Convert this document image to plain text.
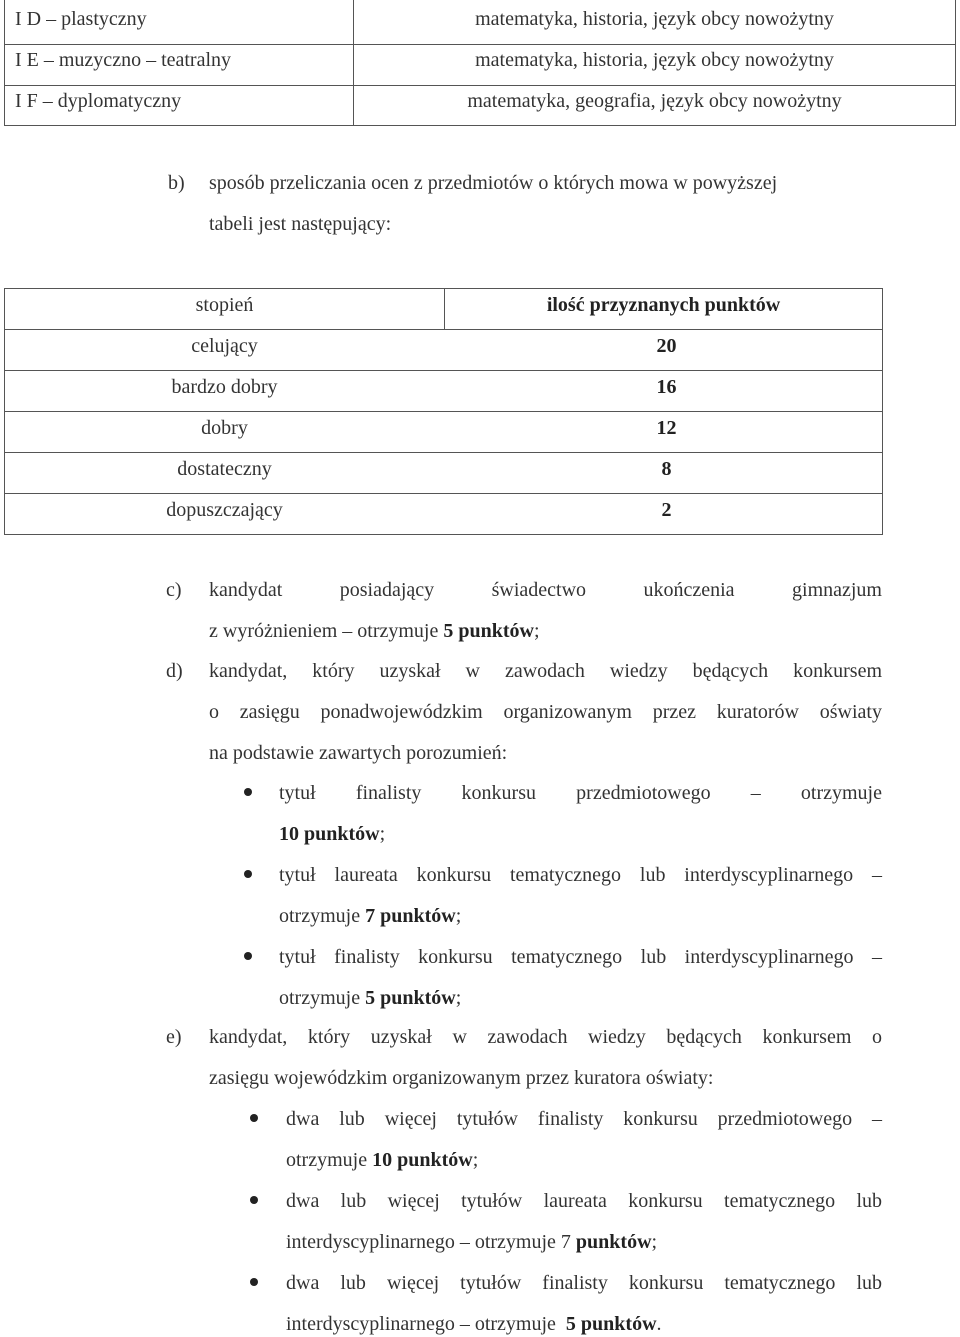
I D – plastyczny	matematyka, historia, język obcy nowożytny
I E – muzyczno – teatralny	matematyka, historia, język obcy nowożytny
I F – dyplomatyczny	matematyka, geografia, język obcy nowożytny
b) sposób przeliczania ocen z przedmiotów o których mowa w powyższej
tabeli jest następujący:
stopień	ilość przyznanych punktów
celujący	20
bardzo dobry	16
dobry	12
dostateczny	8
dopuszczający	2
c) kandydat posiadający świadectwo ukończenia gimnazjum
z wyróżnieniem – otrzymuje 5 punktów;
d) kandydat, który uzyskał w zawodach wiedzy będących konkursem
o zasięgu ponadwojewódzkim organizowanym przez kuratorów oświaty
na podstawie zawartych porozumień:
tytuł finalisty konkursu przedmiotowego – otrzymuje
10 punktów;
tytuł laureata konkursu tematycznego lub interdyscyplinarnego –
otrzymuje 7 punktów;
tytuł finalisty konkursu tematycznego lub interdyscyplinarnego –
otrzymuje 5 punktów;
e) kandydat, który uzyskał w zawodach wiedzy będących konkursem o
zasięgu wojewódzkim organizowanym przez kuratora oświaty:
dwa lub więcej tytułów finalisty konkursu przedmiotowego –
otrzymuje 10 punktów;
dwa lub więcej tytułów laureata konkursu tematycznego lub
interdyscyplinarnego – otrzymuje 7 punktów;
dwa lub więcej tytułów finalisty konkursu tematycznego lub
interdyscyplinarnego – otrzymuje  5 punktów.
